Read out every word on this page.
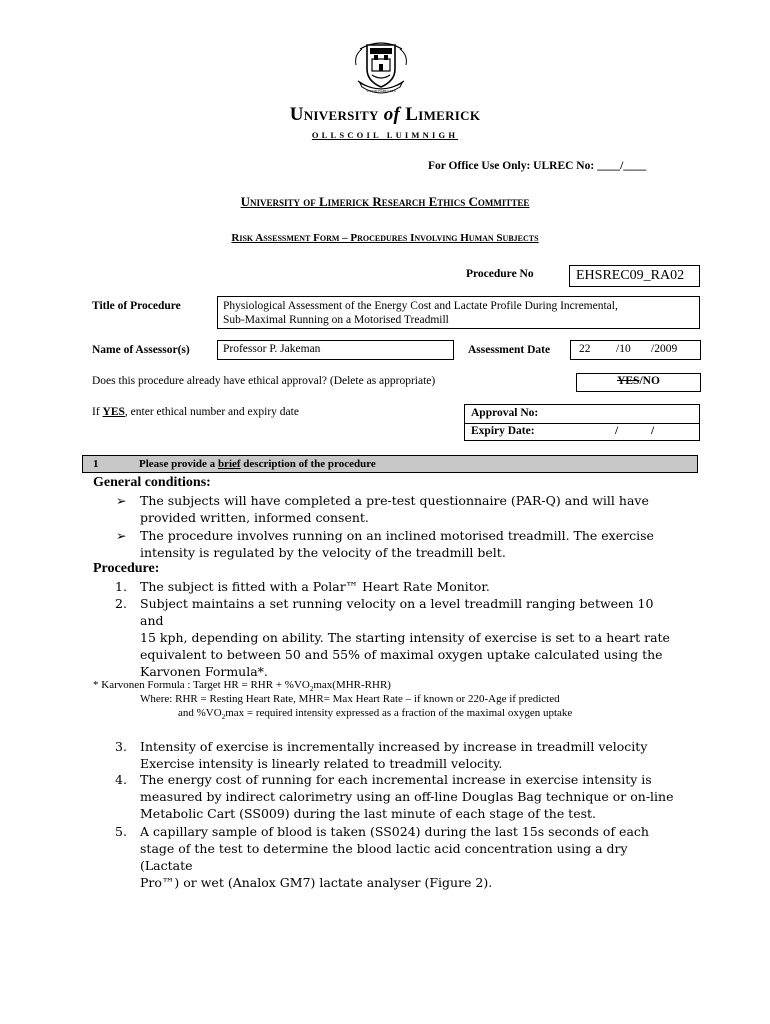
STATIM HABET PAX
University of Limerick
OLLSCOIL LUIMNIGH
For Office Use Only: ULREC No: ____/____
University of Limerick Research Ethics Committee
Risk Assessment Form – Procedures Involving Human Subjects
Procedure No	EHSREC09_RA02
Title of Procedure	Physiological Assessment of the Energy Cost and Lactate Profile During Incremental,
Sub-Maximal Running on a Motorised Treadmill
Name of Assessor(s)	Professor P. Jakeman	Assessment Date	22 /10 /2009
Does this procedure already have ethical approval? (Delete as appropriate)	YES/NO
If YES, enter ethical number and expiry date	Approval No:
Expiry Date:	/	/
1	Please provide a brief description of the procedure
General conditions:
➢ The subjects will have completed a pre-test questionnaire (PAR-Q) and will have
provided written, informed consent.
➢ The procedure involves running on an inclined motorised treadmill. The exercise
intensity is regulated by the velocity of the treadmill belt.
Procedure:
1. The subject is fitted with a Polar™ Heart Rate Monitor.
2. Subject maintains a set running velocity on a level treadmill ranging between 10 and
15 kph, depending on ability. The starting intensity of exercise is set to a heart rate
equivalent to between 50 and 55% of maximal oxygen uptake calculated using the
Karvonen Formula*.
* Karvonen Formula : Target HR = RHR + $\%VO_2\max(MHR-RHR)$
Where: RHR = Resting Heart Rate, MHR= Max Heart Rate – if known or 220-Age if predicted
and $\%VO_2\max$ = required intensity expressed as a fraction of the maximal oxygen uptake
3. Intensity of exercise is incrementally increased by increase in treadmill velocity
Exercise intensity is linearly related to treadmill velocity.
4. The energy cost of running for each incremental increase in exercise intensity is
measured by indirect calorimetry using an off-line Douglas Bag technique or on-line
Metabolic Cart (SS009) during the last minute of each stage of the test.
5. A capillary sample of blood is taken (SS024) during the last 15s seconds of each
stage of the test to determine the blood lactic acid concentration using a dry (Lactate
Pro™) or wet (Analox GM7) lactate analyser (Figure 2).
